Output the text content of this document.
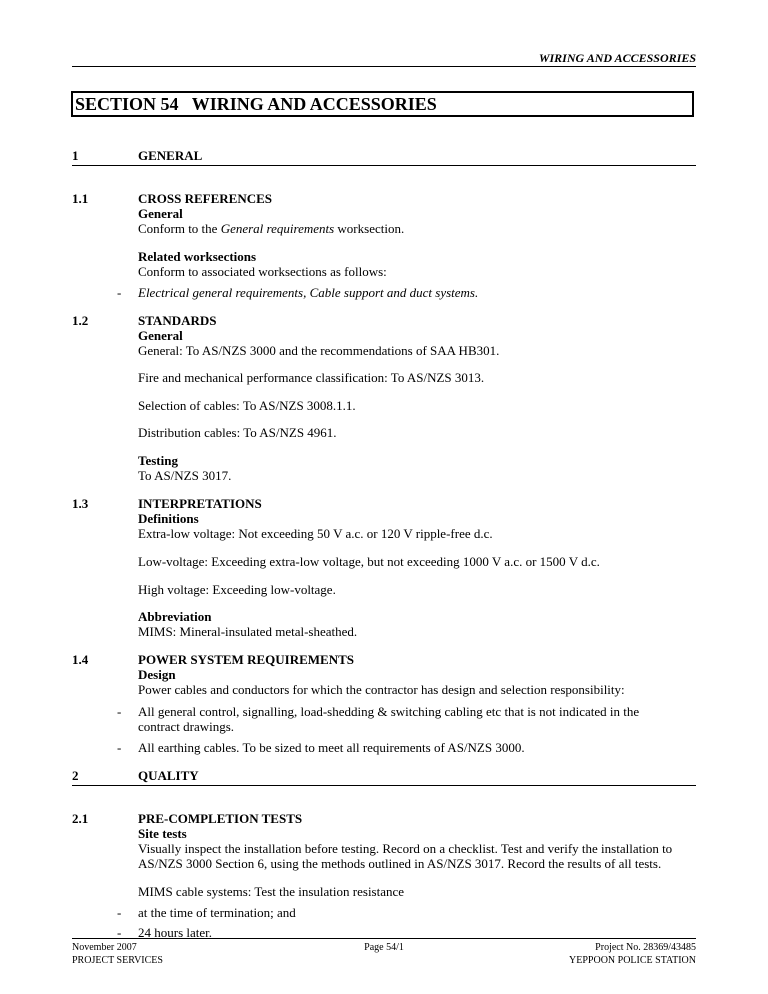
WIRING AND ACCESSORIES
SECTION 54   WIRING AND ACCESSORIES
1	GENERAL
1.1	CROSS REFERENCES
General
Conform to the General requirements worksection.
Related worksections
Conform to associated worksections as follows:
- Electrical general requirements, Cable support and duct systems.
1.2	STANDARDS
General
General: To AS/NZS 3000 and the recommendations of SAA HB301.
Fire and mechanical performance classification: To AS/NZS 3013.
Selection of cables: To AS/NZS 3008.1.1.
Distribution cables: To AS/NZS 4961.
Testing
To AS/NZS 3017.
1.3	INTERPRETATIONS
Definitions
Extra-low voltage: Not exceeding 50 V a.c. or 120 V ripple-free d.c.
Low-voltage: Exceeding extra-low voltage, but not exceeding 1000 V a.c. or 1500 V d.c.
High voltage: Exceeding low-voltage.
Abbreviation
MIMS: Mineral-insulated metal-sheathed.
1.4	POWER SYSTEM REQUIREMENTS
Design
Power cables and conductors for which the contractor has design and selection responsibility:
- All general control, signalling, load-shedding & switching cabling etc that is not indicated in the
contract drawings.
- All earthing cables. To be sized to meet all requirements of AS/NZS 3000.
2	QUALITY
2.1	PRE-COMPLETION TESTS
Site tests
Visually inspect the installation before testing. Record on a checklist. Test and verify the installation to
AS/NZS 3000 Section 6, using the methods outlined in AS/NZS 3017. Record the results of all tests.
MIMS cable systems: Test the insulation resistance
- at the time of termination; and
- 24 hours later.
November 2007
PROJECT SERVICES
Page 54/1	Project No. 28369/43485
YEPPOON POLICE STATION
